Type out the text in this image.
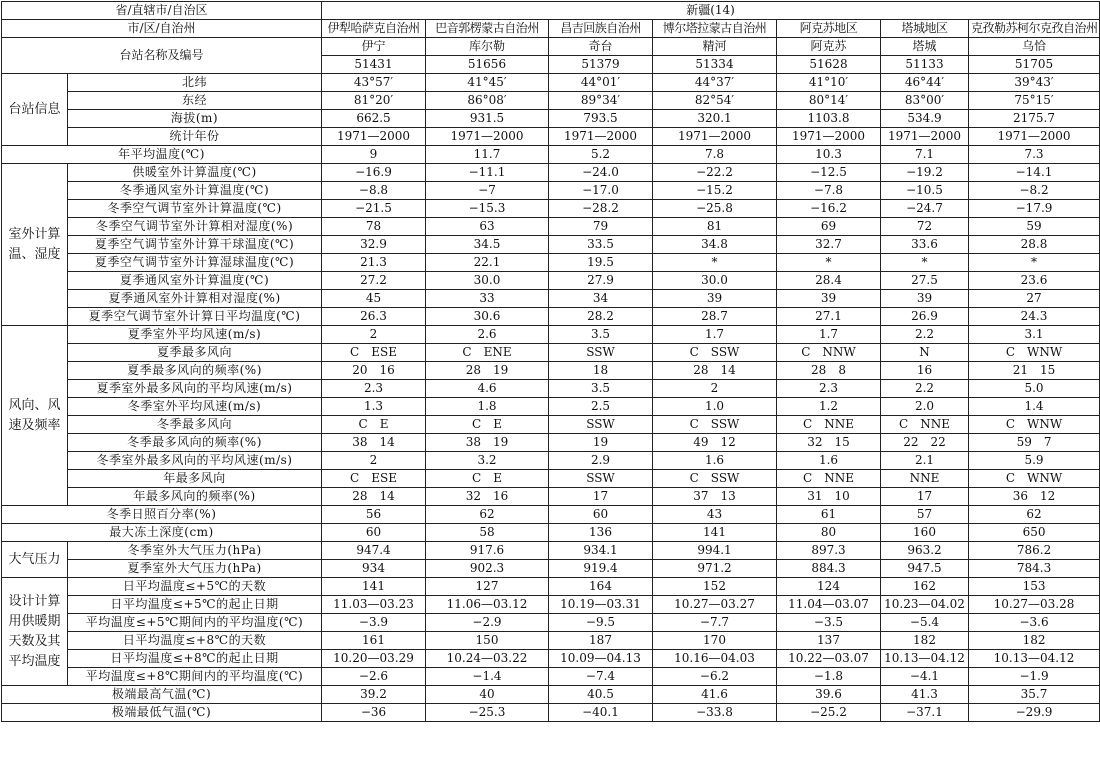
省/直辖市/自治区		新疆(14)						
市/区/自治州		伊犁哈萨克自治州	巴音郭楞蒙古自治州	昌吉回族自治州	博尔塔拉蒙古自治州	阿克苏地区	塔城地区	克孜勒苏柯尔克孜自治州
台站名称及编号		伊宁	库尔勒	奇台	精河	阿克苏	塔城	乌恰
		51431	51656	51379	51334	51628	51133	51705
台站信息	北纬	43°57′	41°45′	44°01′	44°37′	41°10′	46°44′	39°43′
	东经	81°20′	86°08′	89°34′	82°54′	80°14′	83°00′	75°15′
	海拔(m)	662.5	931.5	793.5	320.1	1103.8	534.9	2175.7
	统计年份	1971—2000	1971—2000	1971—2000	1971—2000	1971—2000	1971—2000	1971—2000
年平均温度(℃)		9	11.7	5.2	7.8	10.3	7.1	7.3
室外计算温、湿度	供暖室外计算温度(℃)	−16.9	−11.1	−24.0	−22.2	−12.5	−19.2	−14.1
	冬季通风室外计算温度(℃)	−8.8	−7	−17.0	−15.2	−7.8	−10.5	−8.2
	冬季空气调节室外计算温度(℃)	−21.5	−15.3	−28.2	−25.8	−16.2	−24.7	−17.9
	冬季空气调节室外计算相对湿度(%)	78	63	79	81	69	72	59
	夏季空气调节室外计算干球温度(℃)	32.9	34.5	33.5	34.8	32.7	33.6	28.8
	夏季空气调节室外计算湿球温度(℃)	21.3	22.1	19.5	*	*	*	*
	夏季通风室外计算温度(℃)	27.2	30.0	27.9	30.0	28.4	27.5	23.6
	夏季通风室外计算相对湿度(%)	45	33	34	39	39	39	27
	夏季空气调节室外计算日平均温度(℃)	26.3	30.6	28.2	28.7	27.1	26.9	24.3
风向、风速及频率	夏季室外平均风速(m/s)	2	2.6	3.5	1.7	1.7	2.2	3.1
	夏季最多风向	C　ESE	C　ENE	SSW	C　SSW	C　NNW	N	C　WNW
	夏季最多风向的频率(%)	20　16	28　19	18	28　14	28　8	16	21　15
	夏季室外最多风向的平均风速(m/s)	2.3	4.6	3.5	2	2.3	2.2	5.0
	冬季室外平均风速(m/s)	1.3	1.8	2.5	1.0	1.2	2.0	1.4
	冬季最多风向	C　E	C　E	SSW	C　SSW	C　NNE	C　NNE	C　WNW
	冬季最多风向的频率(%)	38　14	38　19	19	49　12	32　15	22　22	59　7
	冬季室外最多风向的平均风速(m/s)	2	3.2	2.9	1.6	1.6	2.1	5.9
	年最多风向	C　ESE	C　E	SSW	C　SSW	C　NNE	NNE	C　WNW
	年最多风向的频率(%)	28　14	32　16	17	37　13	31　10	17	36　12
冬季日照百分率(%)		56	62	60	43	61	57	62
最大冻土深度(cm)		60	58	136	141	80	160	650
大气压力	冬季室外大气压力(hPa)	947.4	917.6	934.1	994.1	897.3	963.2	786.2
	夏季室外大气压力(hPa)	934	902.3	919.4	971.2	884.3	947.5	784.3
设计计算用供暖期天数及其平均温度	日平均温度≤+5℃的天数	141	127	164	152	124	162	153
	日平均温度≤+5℃的起止日期	11.03—03.23	11.06—03.12	10.19—03.31	10.27—03.27	11.04—03.07	10.23—04.02	10.27—03.28
	平均温度≤+5℃期间内的平均温度(℃)	−3.9	−2.9	−9.5	−7.7	−3.5	−5.4	−3.6
	日平均温度≤+8℃的天数	161	150	187	170	137	182	182
	日平均温度≤+8℃的起止日期	10.20—03.29	10.24—03.22	10.09—04.13	10.16—04.03	10.22—03.07	10.13—04.12	10.13—04.12
	平均温度≤+8℃期间内的平均温度(℃)	−2.6	−1.4	−7.4	−6.2	−1.8	−4.1	−1.9
极端最高气温(℃)		39.2	40	40.5	41.6	39.6	41.3	35.7
极端最低气温(℃)		−36	−25.3	−40.1	−33.8	−25.2	−37.1	−29.9
